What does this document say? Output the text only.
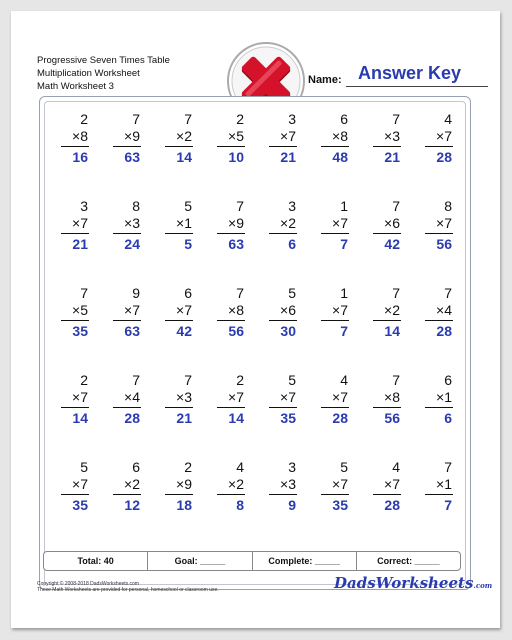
Progressive Seven Times Table
Multiplication Worksheet
Math Worksheet 3
Name: Answer Key
2
×8
16
7
×9
63
7
×2
14
2
×5
10
3
×7
21
6
×8
48
7
×3
21
4
×7
28
3
×7
21
8
×3
24
5
×1
5
7
×9
63
3
×2
6
1
×7
7
7
×6
42
8
×7
56
7
×5
35
9
×7
63
6
×7
42
7
×8
56
5
×6
30
1
×7
7
7
×2
14
7
×4
28
2
×7
14
7
×4
28
7
×3
21
2
×7
14
5
×7
35
4
×7
28
7
×8
56
6
×1
6
5
×7
35
6
×2
12
2
×9
18
4
×2
8
3
×3
9
5
×7
35
4
×7
28
7
×1
7
Total: 40	Goal: _____	Complete: _____	Correct: _____
Copyright © 2008-2018 DadsWorksheets.com
These Math Worksheets are provided for personal, homeschool or classroom use.	DadsWorksheets.com
